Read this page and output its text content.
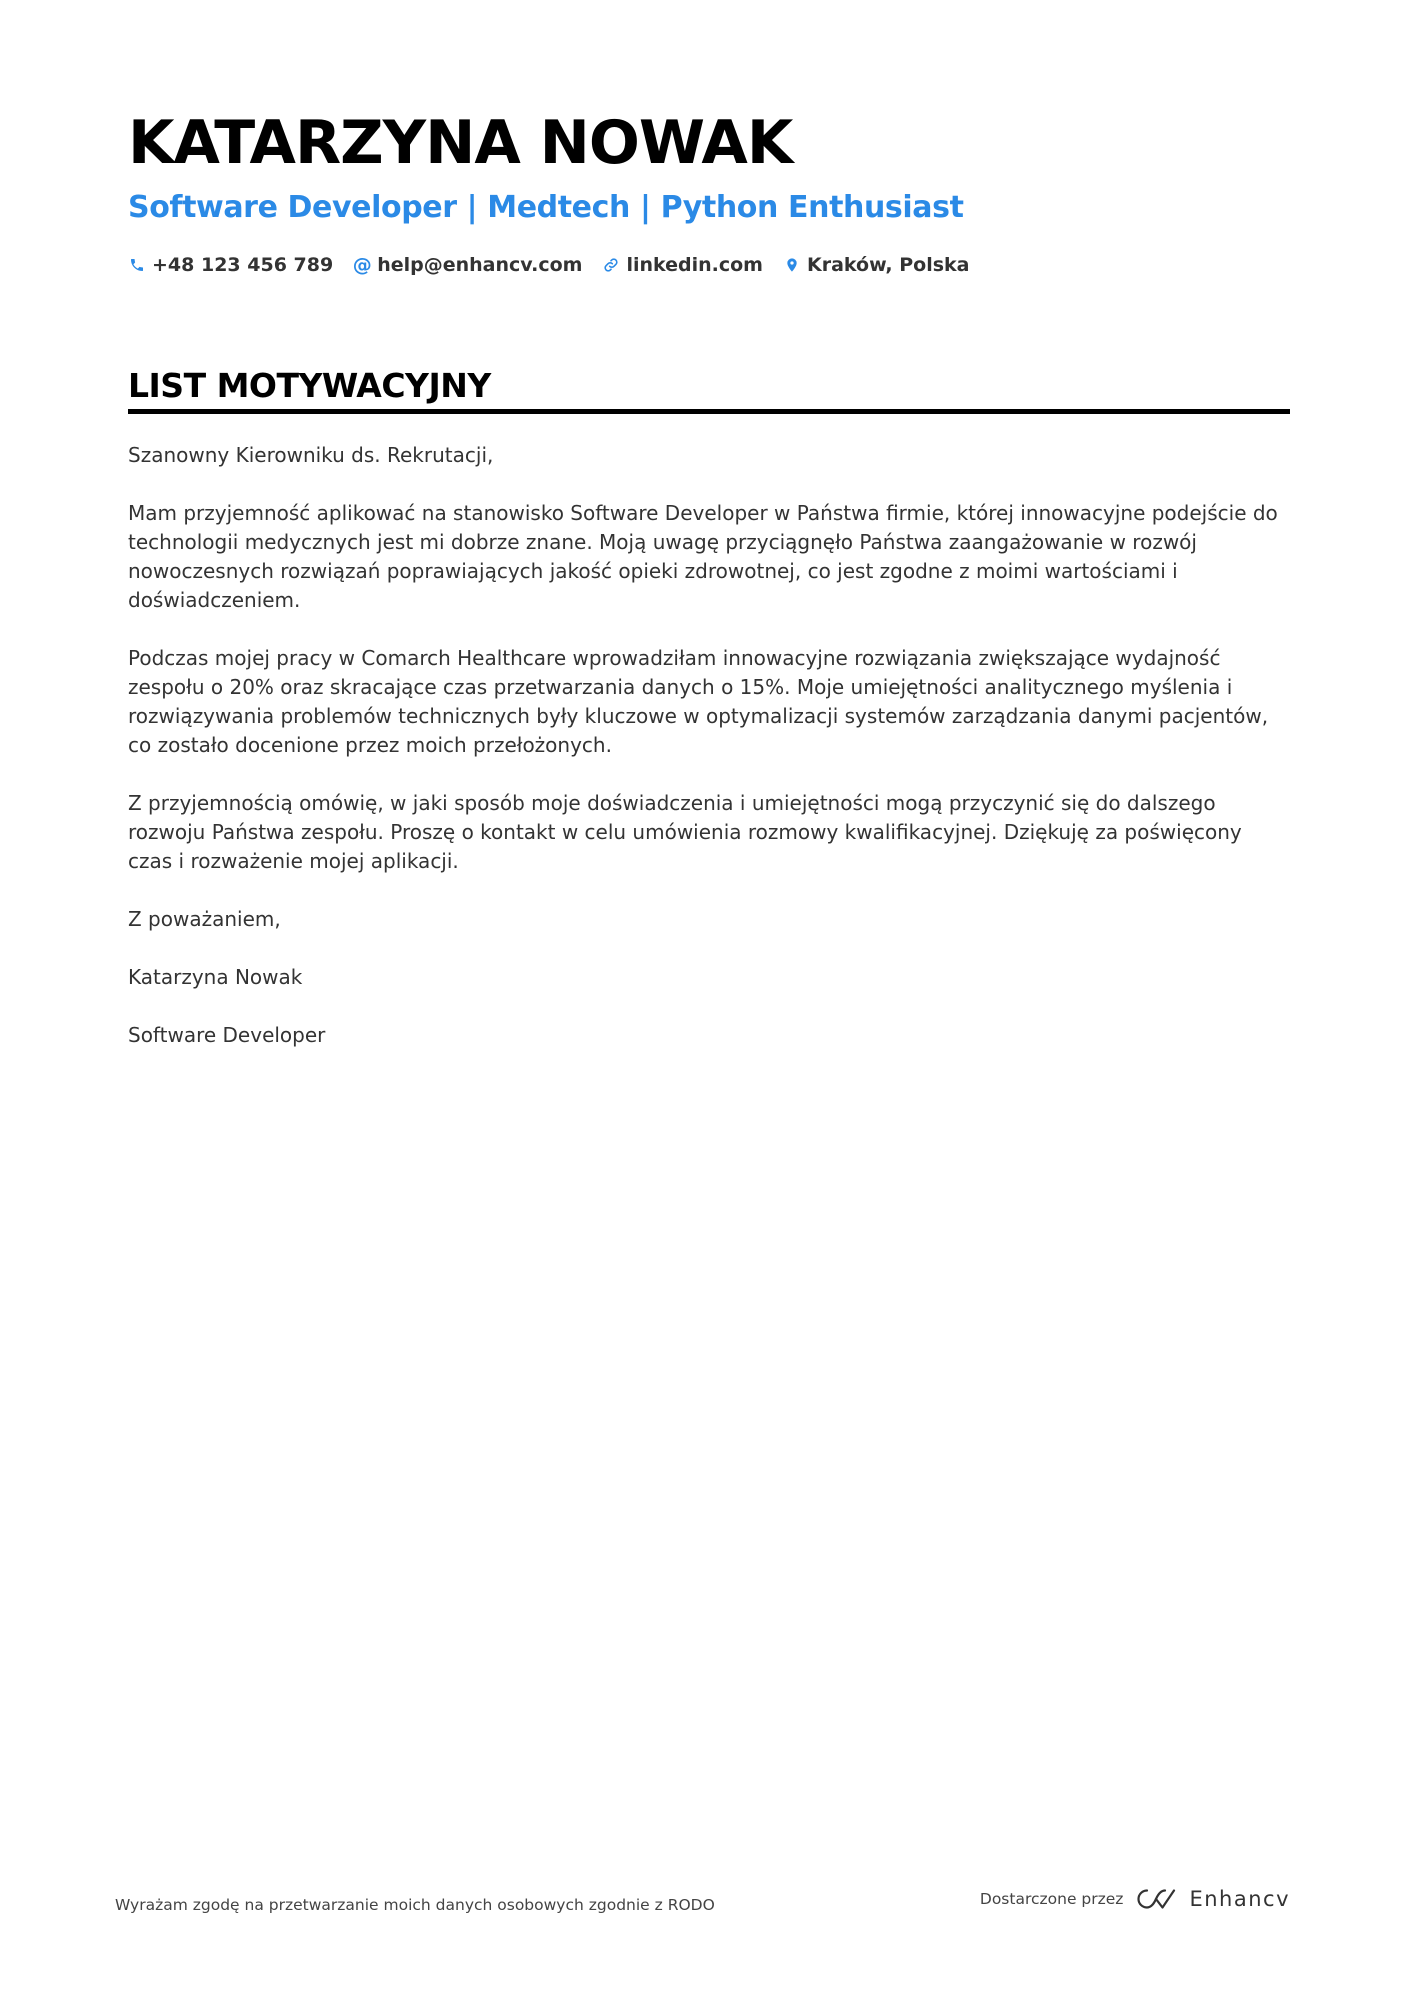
KATARZYNA NOWAK
Software Developer | Medtech | Python Enthusiast
+48 123 456 789 @ help@enhancv.com linkedin.com Kraków, Polska
LIST MOTYWACYJNY

Szanowny Kierowniku ds. Rekrutacji,

Mam przyjemność aplikować na stanowisko Software Developer w Państwa firmie, której innowacyjne podejście do technologii medycznych jest mi dobrze znane. Moją uwagę przyciągnęło Państwa zaangażowanie w rozwój nowoczesnych rozwiązań poprawiających jakość opieki zdrowotnej, co jest zgodne z moimi wartościami i doświadczeniem.

Podczas mojej pracy w Comarch Healthcare wprowadziłam innowacyjne rozwiązania zwiększające wydajność zespołu o 20% oraz skracające czas przetwarzania danych o 15%. Moje umiejętności analitycznego myślenia i rozwiązywania problemów technicznych były kluczowe w optymalizacji systemów zarządzania danymi pacjentów, co zostało docenione przez moich przełożonych.

Z przyjemnością omówię, w jaki sposób moje doświadczenia i umiejętności mogą przyczynić się do dalszego rozwoju Państwa zespołu. Proszę o kontakt w celu umówienia rozmowy kwalifikacyjnej. Dziękuję za poświęcony czas i rozważenie mojej aplikacji.

Z poważaniem,

Katarzyna Nowak

Software Developer

Wyrażam zgodę na przetwarzanie moich danych osobowych zgodnie z RODO	Dostarczone przez	Enhancv
